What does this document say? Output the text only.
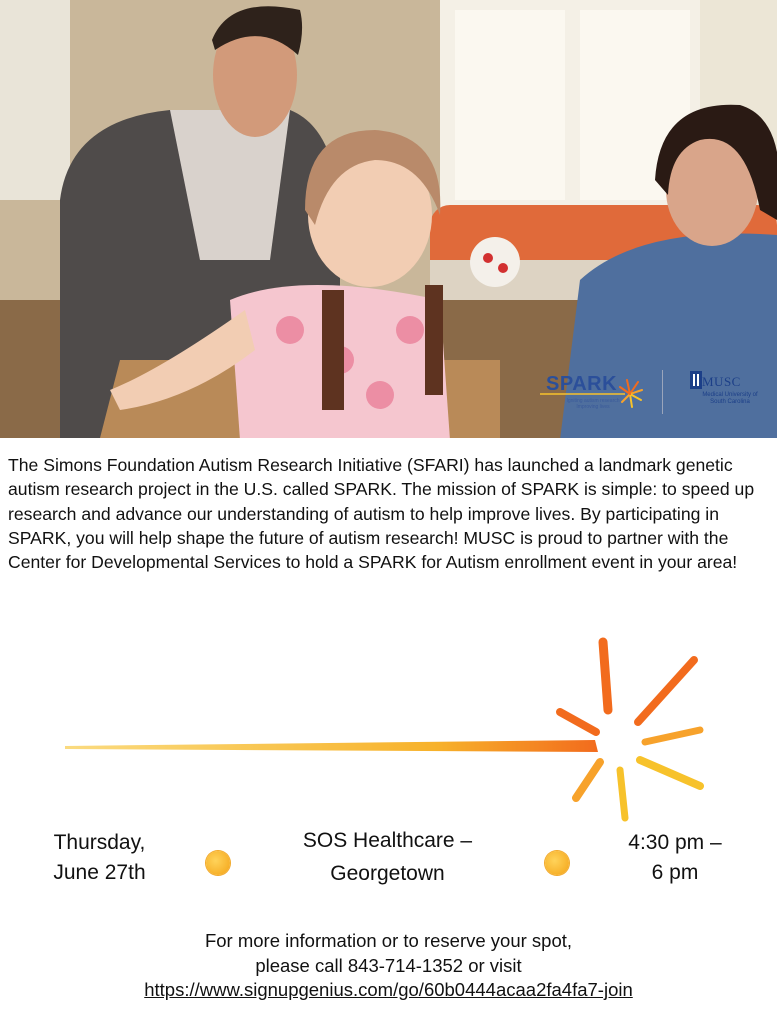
SPARK
Igniting autism research
Improving lives
MUSC
Medical University of South Carolina
The Simons Foundation Autism Research Initiative (SFARI) has launched a landmark genetic autism research project in the U.S. called SPARK. The mission of SPARK is simple: to speed up research and advance our understanding of autism to help improve lives. By participating in SPARK, you will help shape the future of autism research! MUSC is proud to partner with the Center for Developmental Services to hold a SPARK for Autism enrollment event in your area!
Thursday,
June 27th
SOS Healthcare –
Georgetown
4:30 pm –
6 pm
For more information or to reserve your spot,
please call 843-714-1352 or visit
https://www.signupgenius.com/go/60b0444acaa2fa4fa7-join
